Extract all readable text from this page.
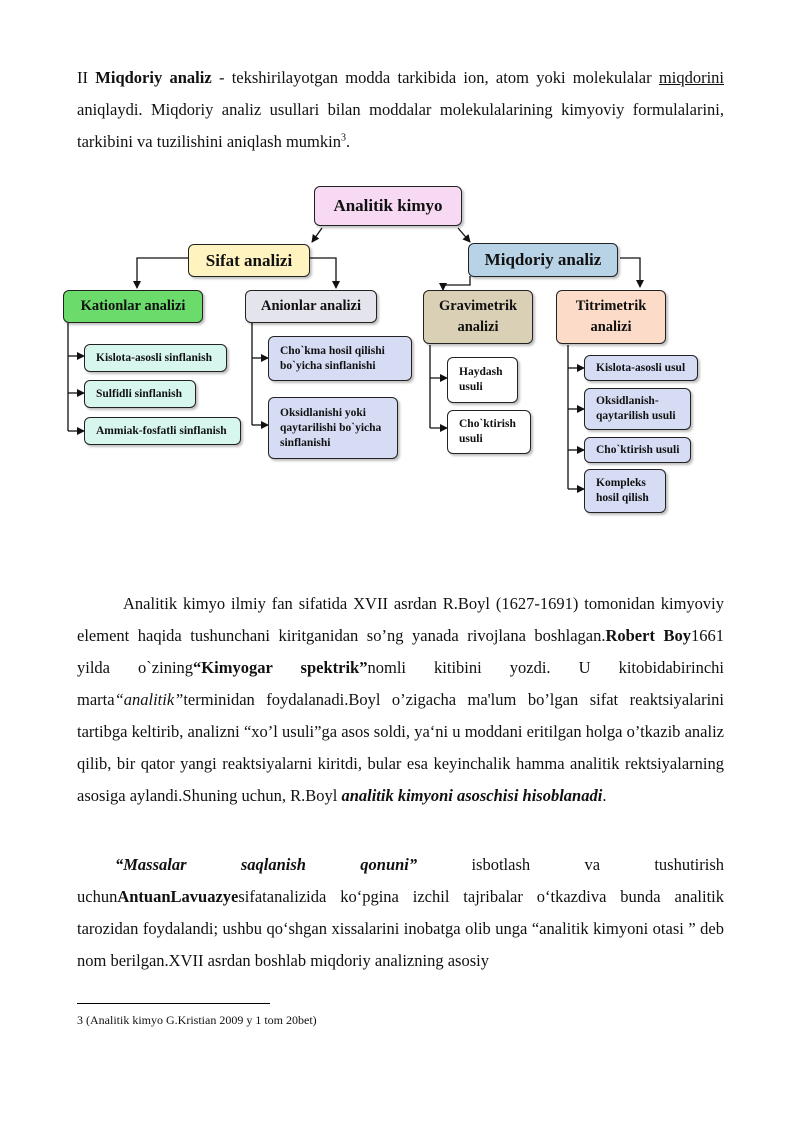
II Miqdoriy analiz - tekshirilayotgan modda tarkibida ion, atom yoki molekulalar miqdorini aniqlaydi. Miqdoriy analiz usullari bilan moddalar molekulalarining kimyoviy formulalarini, tarkibini va tuzilishini aniqlash mumkin$^3$.

Analitik kimyo
Sifat analizi	Miqdoriy analiz
Kationlar analizi	Anionlar analizi	Gravimetrik analizi
Titrimetrik analizi
Kislota-asosli sinflanish
Sulfidli sinflanish
Ammiak-fosfatli sinflanish
Cho`kma hosil qilishi bo`yicha sinflanishi
Oksidlanishi yoki qaytarilishi bo`yicha sinflanishi
Haydash usuli
Cho`ktirish usuli
Kislota-asosli usul
Oksidlanish-qaytarilish usuli
Cho`ktirish usuli
Kompleks hosil qilish

Analitik kimyo ilmiy fan sifatida XVII asrdan R.Boyl (1627-1691) tomonidan kimyoviy element haqida tushunchani kiritganidan so’ng yanada rivojlana boshlagan.Robert Boy1661 yilda o`zining“Kimyogar spektrik”nomli kitibini yozdi. U kitobidabirinchi marta“analitik”terminidan foydalanadi.Boyl o’zigacha ma'lum bo’lgan sifat reaktsiyalarini tartibga keltirib, analizni “xo’l usuli”ga asos soldi, ya‘ni u moddani eritilgan holga o’tkazib analiz qilib, bir qator yangi reaktsiyalarni kiritdi, bular esa keyinchalik hamma analitik rektsiyalarning asosiga aylandi.Shuning uchun, R.Boyl analitik kimyoni asoschisi hisoblanadi.

“Massalar saqlanish qonuni” isbotlash va tushutirish uchunAntuanLavuazyesifatanalizida ko‘pgina izchil tajribalar o‘tkazdiva bunda analitik tarozidan foydalandi; ushbu qo‘shgan xissalarini inobatga olib unga “analitik kimyoni otasi ” deb nom berilgan.XVII asrdan boshlab miqdoriy analizning asosiy

3 (Analitik kimyo G.Kristian 2009 y 1 tom 20bet)
